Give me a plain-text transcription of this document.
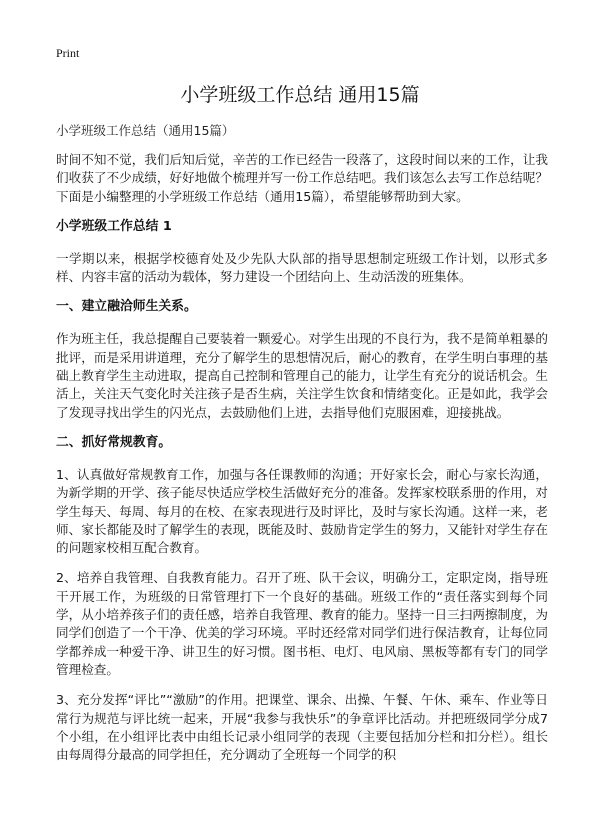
Print
小学班级工作总结 通用15篇
小学班级工作总结（通用15篇）

时间不知不觉，我们后知后觉，辛苦的工作已经告一段落了，这段时间以来的工作，让我们收获了不少成绩，好好地做个梳理并写一份工作总结吧。我们该怎么去写工作总结呢？下面是小编整理的小学班级工作总结（通用15篇），希望能够帮助到大家。

小学班级工作总结 1

一学期以来，根据学校德育处及少先队大队部的指导思想制定班级工作计划，以形式多样、内容丰富的活动为载体，努力建设一个团结向上、生动活泼的班集体。

一、建立融洽师生关系。

作为班主任，我总提醒自己要装着一颗爱心。对学生出现的不良行为，我不是简单粗暴的批评，而是采用讲道理，充分了解学生的思想情况后，耐心的教育，在学生明白事理的基础上教育学生主动进取，提高自己控制和管理自己的能力，让学生有充分的说话机会。生活上，关注天气变化时关注孩子是否生病，关注学生饮食和情绪变化。正是如此，我学会了发现寻找出学生的闪光点，去鼓励他们上进，去指导他们克服困难，迎接挑战。

二、抓好常规教育。

1、认真做好常规教育工作，加强与各任课教师的沟通；开好家长会，耐心与家长沟通，为新学期的开学、孩子能尽快适应学校生活做好充分的准备。发挥家校联系册的作用，对学生每天、每周、每月的在校、在家表现进行及时评比，及时与家长沟通。这样一来，老师、家长都能及时了解学生的表现，既能及时、鼓励肯定学生的努力，又能针对学生存在的问题家校相互配合教育。

2、培养自我管理、自我教育能力。召开了班、队干会议，明确分工，定职定岗，指导班干开展工作，为班级的日常管理打下一个良好的基础。班级工作的“责任落实到每个同学，从小培养孩子们的责任感，培养自我管理、教育的能力。坚持一日三扫两擦制度，为同学们创造了一个干净、优美的学习环境。平时还经常对同学们进行保洁教育，让每位同学都养成一种爱干净、讲卫生的好习惯。图书柜、电灯、电风扇、黑板等都有专门的同学管理检查。

3、充分发挥“评比”“激励”的作用。把课堂、课余、出操、午餐、午休、乘车、作业等日常行为规范与评比统一起来，开展“我参与我快乐”的争章评比活动。并把班级同学分成7个小组，在小组评比表中由组长记录小组同学的表现（主要包括加分栏和扣分栏）。组长由每周得分最高的同学担任，充分调动了全班每一个同学的积
